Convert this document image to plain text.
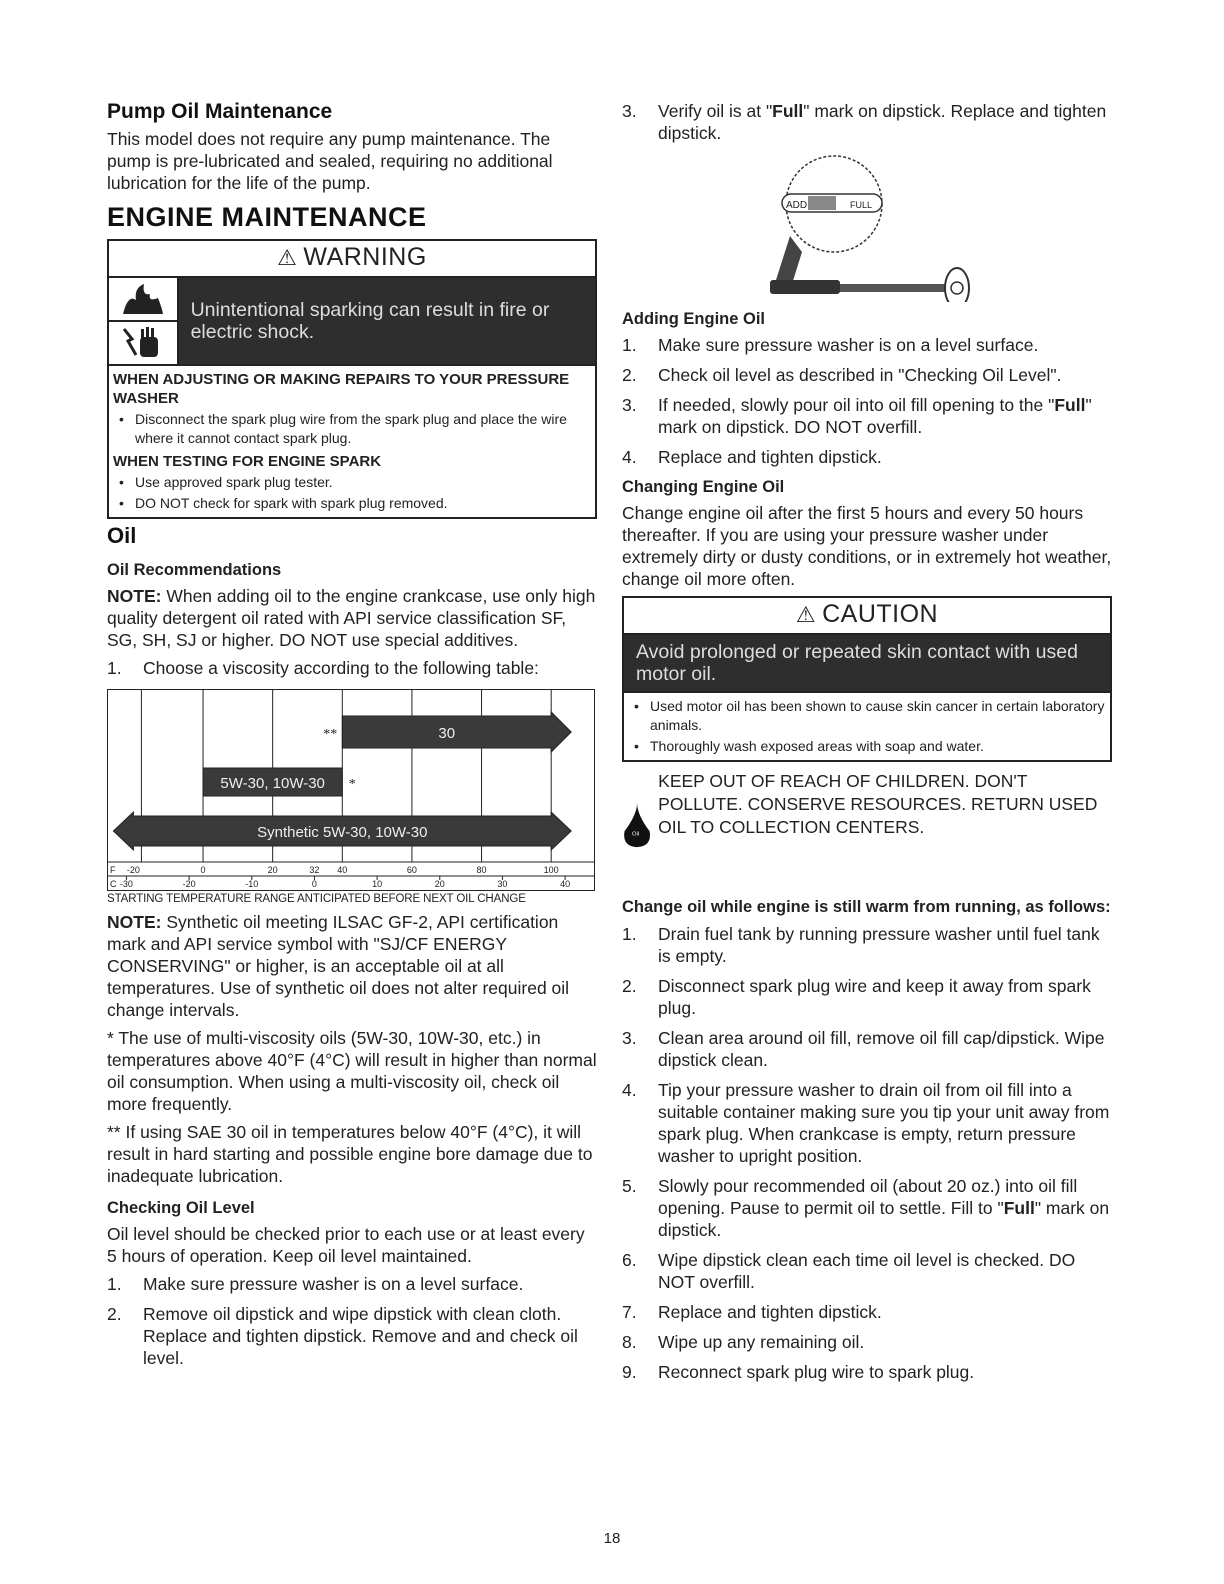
Pump Oil Maintenance

This model does not require any pump maintenance. The pump is pre-lubricated and sealed, requiring no additional lubrication for the life of the pump.

ENGINE MAINTENANCE
⚠ WARNING
Unintentional sparking can result in fire or electric shock.
WHEN ADJUSTING OR MAKING REPAIRS TO YOUR PRESSURE WASHER
• Disconnect the spark plug wire from the spark plug and place the wire where it cannot contact spark plug.
WHEN TESTING FOR ENGINE SPARK
• Use approved spark plug tester.
• DO NOT check for spark with spark plug removed.
Oil
Oil Recommendations

NOTE: When adding oil to the engine crankcase, use only high quality detergent oil rated with API service classification SF, SG, SH, SJ or higher. DO NOT use special additives.

1. Choose a viscosity according to the following table:
30
**
5W-30, 10W-30 *
Synthetic 5W-30, 10W-30
F -20	0	20	32 40	60	80	100
C -30	-20	-10	0	10	20	30	40
STARTING TEMPERATURE RANGE ANTICIPATED BEFORE NEXT OIL CHANGE

NOTE: Synthetic oil meeting ILSAC GF-2, API certification mark and API service symbol with "SJ/CF ENERGY CONSERVING" or higher, is an acceptable oil at all temperatures. Use of synthetic oil does not alter required oil change intervals.

* The use of multi-viscosity oils (5W-30, 10W-30, etc.) in temperatures above 40°F (4°C) will result in higher than normal oil consumption. When using a multi-viscosity oil, check oil more frequently.

** If using SAE 30 oil in temperatures below 40°F (4°C), it will result in hard starting and possible engine bore damage due to inadequate lubrication.

Checking Oil Level

Oil level should be checked prior to each use or at least every 5 hours of operation. Keep oil level maintained.

1. Make sure pressure washer is on a level surface.
2. Remove oil dipstick and wipe dipstick with clean cloth. Replace and tighten dipstick. Remove and and check oil level.
3. Verify oil is at "Full" mark on dipstick. Replace and tighten dipstick.
ADD	FULL
Adding Engine Oil
1. Make sure pressure washer is on a level surface.
2. Check oil level as described in "Checking Oil Level".
3. If needed, slowly pour oil into oil fill opening to the "Full" mark on dipstick. DO NOT overfill.
4. Replace and tighten dipstick.
Changing Engine Oil

Change engine oil after the first 5 hours and every 50 hours thereafter. If you are using your pressure washer under extremely dirty or dusty conditions, or in extremely hot weather, change oil more often.

⚠ CAUTION
Avoid prolonged or repeated skin contact with used motor oil.
• Used motor oil has been shown to cause skin cancer in certain laboratory animals.
• Thoroughly wash exposed areas with soap and water.
Oil
KEEP OUT OF REACH OF CHILDREN. DON'T POLLUTE. CONSERVE RESOURCES. RETURN USED OIL TO COLLECTION CENTERS.
Change oil while engine is still warm from running, as follows:
1. Drain fuel tank by running pressure washer until fuel tank is empty.
2. Disconnect spark plug wire and keep it away from spark plug.
3. Clean area around oil fill, remove oil fill cap/dipstick. Wipe dipstick clean.
4. Tip your pressure washer to drain oil from oil fill into a suitable container making sure you tip your unit away from spark plug. When crankcase is empty, return pressure washer to upright position.
5. Slowly pour recommended oil (about 20 oz.) into oil fill opening. Pause to permit oil to settle. Fill to "Full" mark on dipstick.
6. Wipe dipstick clean each time oil level is checked. DO NOT overfill.
7. Replace and tighten dipstick.
8. Wipe up any remaining oil.
9. Reconnect spark plug wire to spark plug.
18
